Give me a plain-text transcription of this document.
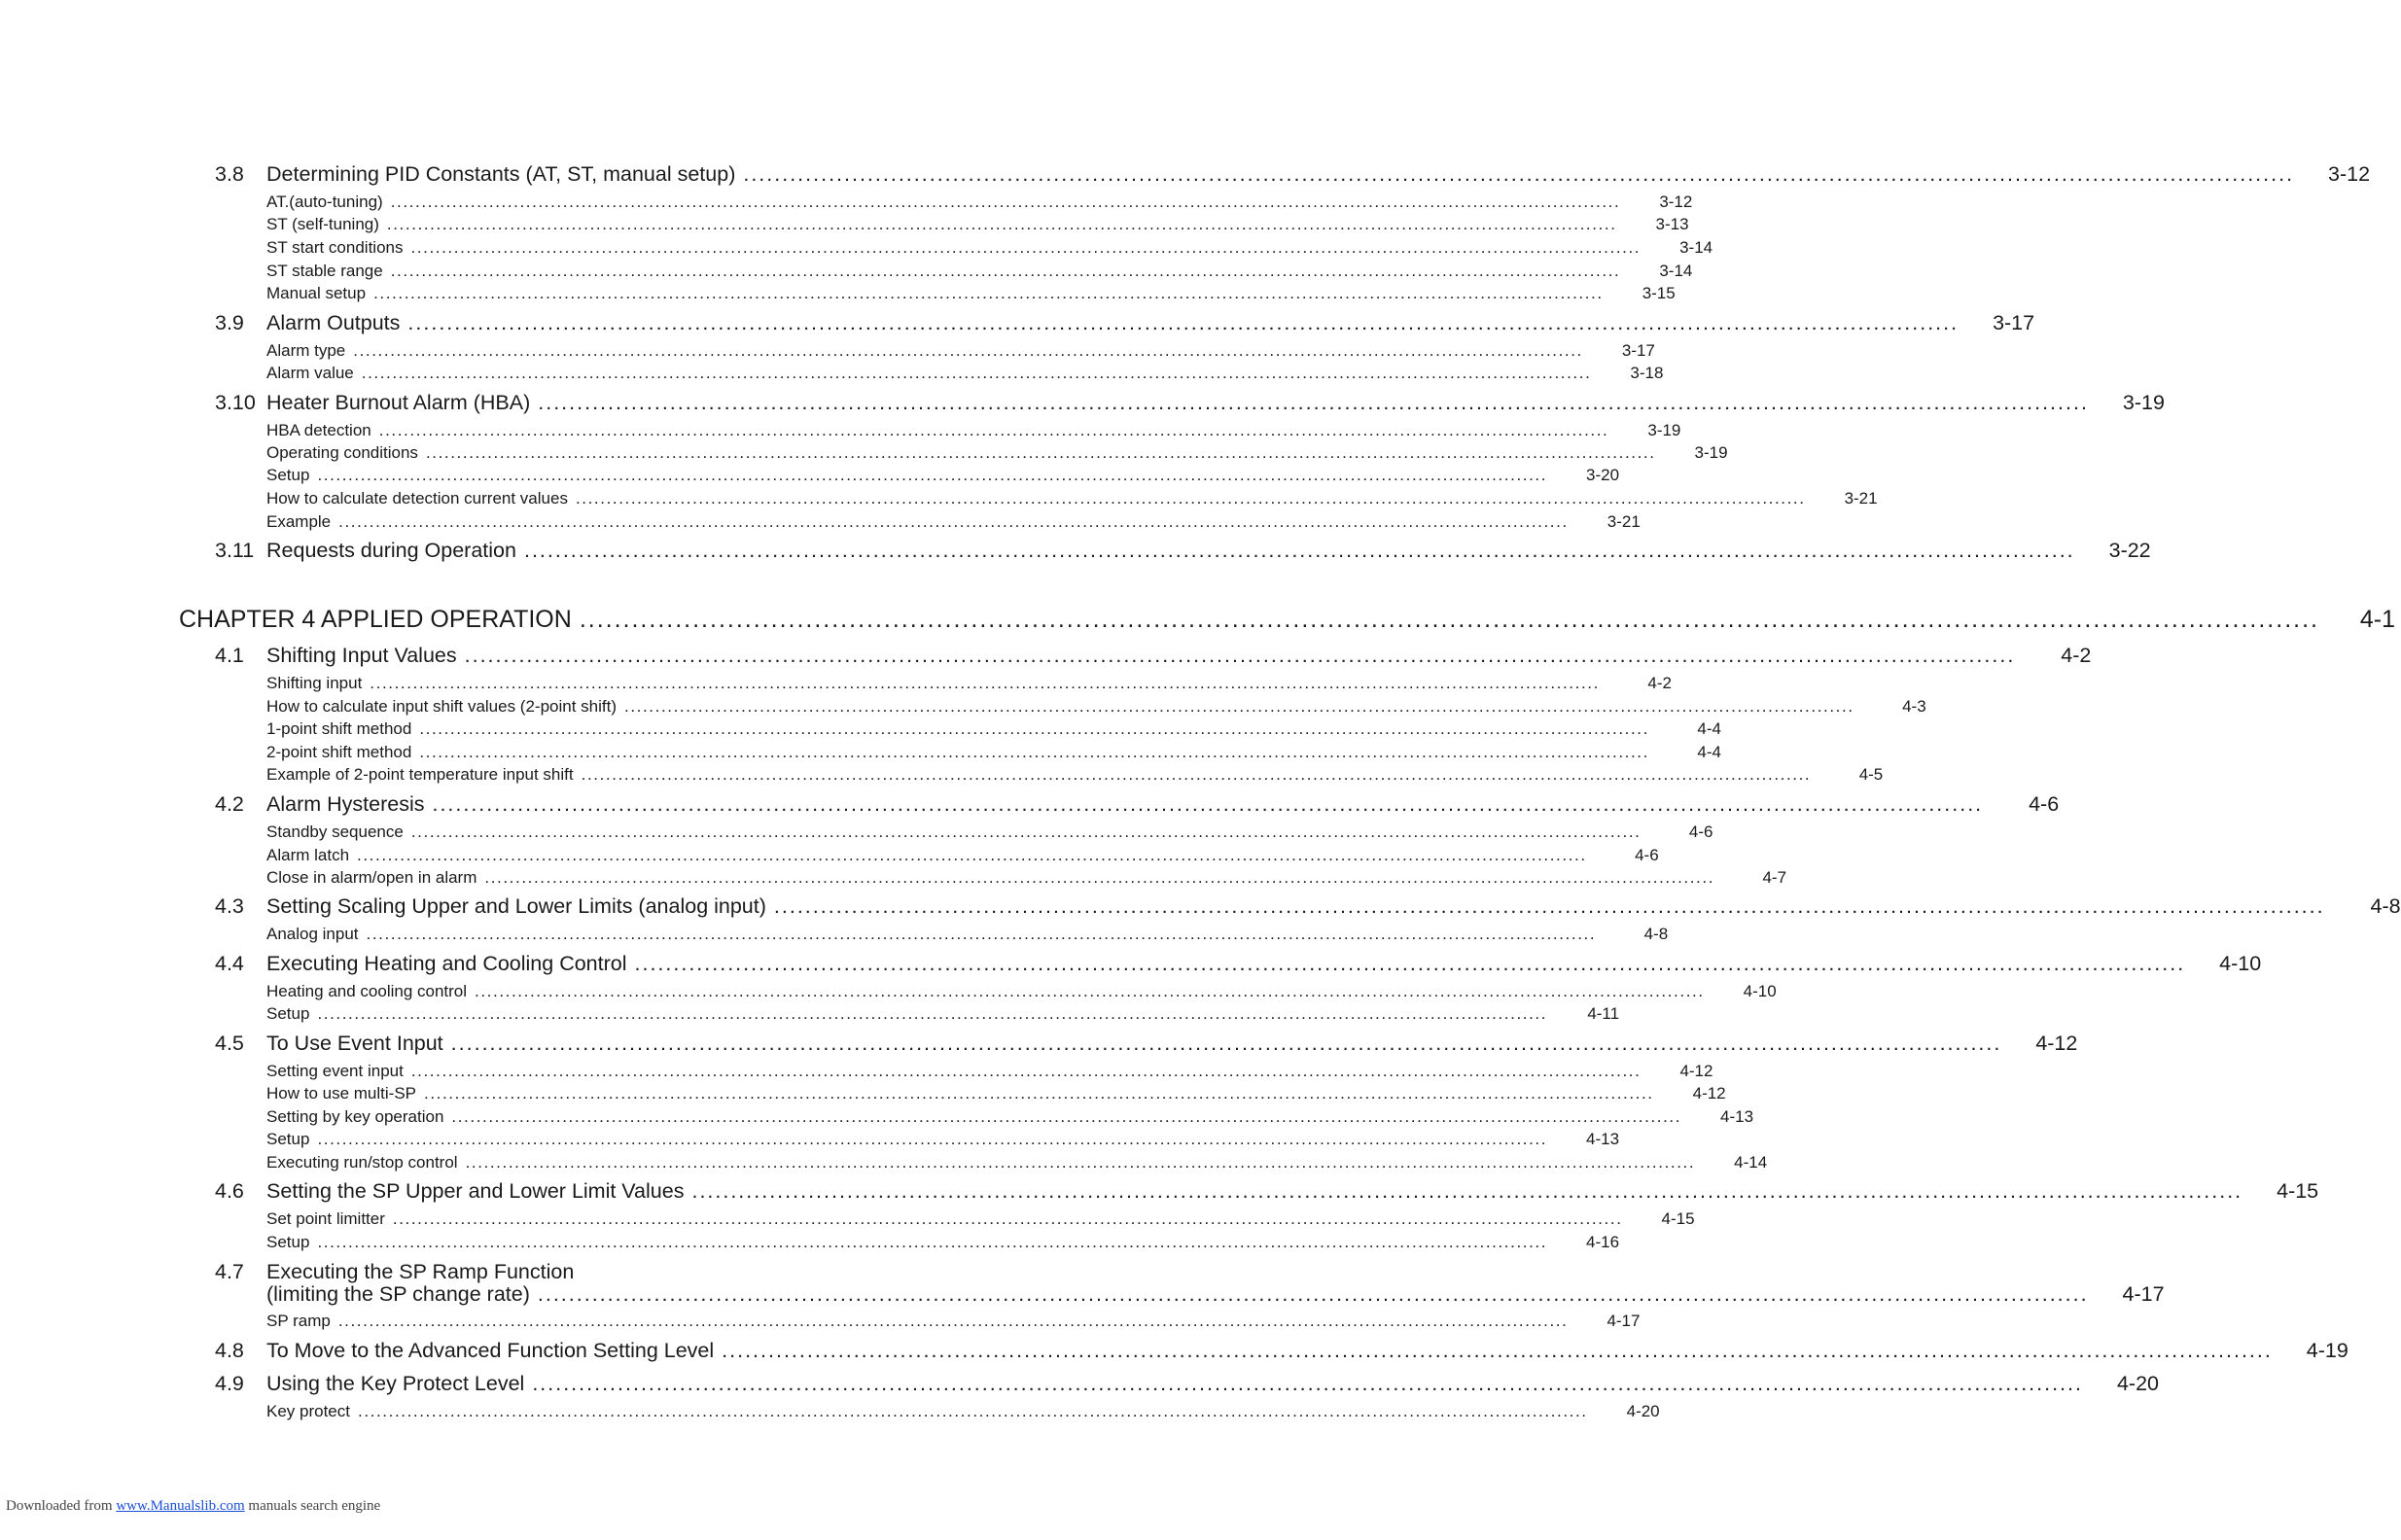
3.8	Determining PID Constants (AT, ST, manual setup) ........................................................................................................................................................................................................	3-12
AT.(auto-tuning) ........................................................................................................................................................................................................	3-12
ST (self-tuning) ........................................................................................................................................................................................................	3-13
ST start conditions ........................................................................................................................................................................................................	3-14
ST stable range ........................................................................................................................................................................................................	3-14
Manual setup ........................................................................................................................................................................................................	3-15
3.9	Alarm Outputs ........................................................................................................................................................................................................	3-17
Alarm type ........................................................................................................................................................................................................	3-17
Alarm value ........................................................................................................................................................................................................	3-18
3.10 Heater Burnout Alarm (HBA) ........................................................................................................................................................................................................	3-19
HBA detection ........................................................................................................................................................................................................	3-19
Operating conditions ........................................................................................................................................................................................................	3-19
Setup ........................................................................................................................................................................................................	3-20
How to calculate detection current values ........................................................................................................................................................................................................	3-21
Example ........................................................................................................................................................................................................	3-21
3.11 Requests during Operation ........................................................................................................................................................................................................	3-22
CHAPTER 4 APPLIED OPERATION ........................................................................................................................................................................................................	4-1
4.1	Shifting Input Values ........................................................................................................................................................................................................	4-2
Shifting input ........................................................................................................................................................................................................	4-2
How to calculate input shift values (2-point shift) ........................................................................................................................................................................................................	4-3
1-point shift method ........................................................................................................................................................................................................	4-4
2-point shift method ........................................................................................................................................................................................................	4-4
Example of 2-point temperature input shift ........................................................................................................................................................................................................	4-5
4.2	Alarm Hysteresis ........................................................................................................................................................................................................	4-6
Standby sequence ........................................................................................................................................................................................................	4-6
Alarm latch ........................................................................................................................................................................................................	4-6
Close in alarm/open in alarm ........................................................................................................................................................................................................	4-7
4.3	Setting Scaling Upper and Lower Limits (analog input) ........................................................................................................................................................................................................	4-8
Analog input ........................................................................................................................................................................................................	4-8
4.4	Executing Heating and Cooling Control ........................................................................................................................................................................................................	4-10
Heating and cooling control ........................................................................................................................................................................................................	4-10
Setup ........................................................................................................................................................................................................	4-11
4.5	To Use Event Input ........................................................................................................................................................................................................	4-12
Setting event input ........................................................................................................................................................................................................	4-12
How to use multi-SP ........................................................................................................................................................................................................	4-12
Setting by key operation ........................................................................................................................................................................................................	4-13
Setup ........................................................................................................................................................................................................	4-13
Executing run/stop control ........................................................................................................................................................................................................	4-14
4.6	Setting the SP Upper and Lower Limit Values ........................................................................................................................................................................................................	4-15
Set point limitter ........................................................................................................................................................................................................	4-15
Setup ........................................................................................................................................................................................................	4-16
4.7	Executing the SP Ramp Function
(limiting the SP change rate) ........................................................................................................................................................................................................	4-17
SP ramp ........................................................................................................................................................................................................	4-17
4.8	To Move to the Advanced Function Setting Level ........................................................................................................................................................................................................	4-19
4.9	Using the Key Protect Level ........................................................................................................................................................................................................	4-20
Key protect ........................................................................................................................................................................................................	4-20
Downloaded from www.Manualslib.com manuals search engine
